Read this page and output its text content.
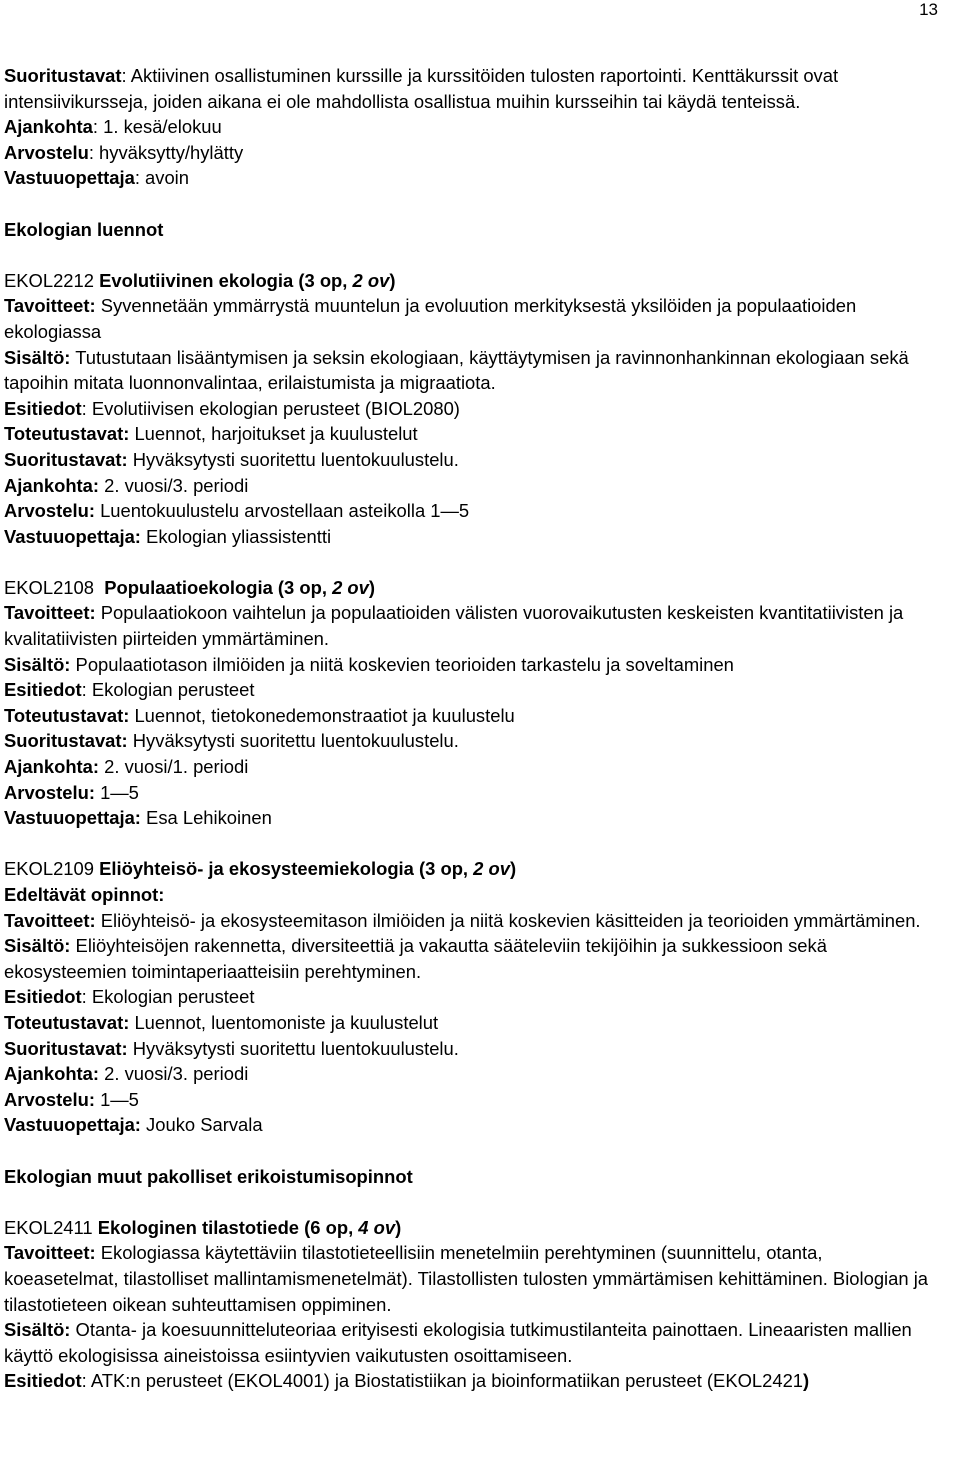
13

Suoritustavat: Aktiivinen osallistuminen kurssille ja kurssitöiden tulosten raportointi. Kenttäkurssit ovat intensiivikursseja, joiden aikana ei ole mahdollista osallistua muihin kursseihin tai käydä tenteissä.

Ajankohta: 1. kesä/elokuu

Arvostelu: hyväksytty/hylätty

Vastuuopettaja: avoin

Ekologian luennot

EKOL2212 Evolutiivinen ekologia (3 op, 2 ov)

Tavoitteet: Syvennetään ymmärrystä muuntelun ja evoluution merkityksestä yksilöiden ja populaatioiden ekologiassa

Sisältö: Tutustutaan lisääntymisen ja seksin ekologiaan, käyttäytymisen ja ravinnonhankinnan ekologiaan sekä tapoihin mitata luonnonvalintaa, erilaistumista ja migraatiota.

Esitiedot: Evolutiivisen ekologian perusteet (BIOL2080)

Toteutustavat: Luennot, harjoitukset ja kuulustelut

Suoritustavat: Hyväksytysti suoritettu luentokuulustelu.

Ajankohta: 2. vuosi/3. periodi

Arvostelu: Luentokuulustelu arvostellaan asteikolla 1—5

Vastuuopettaja: Ekologian yliassistentti

EKOL2108  Populaatioekologia (3 op, 2 ov)

Tavoitteet: Populaatiokoon vaihtelun ja populaatioiden välisten vuorovaikutusten keskeisten kvantitatiivisten ja kvalitatiivisten piirteiden ymmärtäminen.

Sisältö: Populaatiotason ilmiöiden ja niitä koskevien teorioiden tarkastelu ja soveltaminen

Esitiedot: Ekologian perusteet

Toteutustavat: Luennot, tietokonedemonstraatiot ja kuulustelu

Suoritustavat: Hyväksytysti suoritettu luentokuulustelu.

Ajankohta: 2. vuosi/1. periodi

Arvostelu: 1—5

Vastuuopettaja: Esa Lehikoinen

EKOL2109 Eliöyhteisö- ja ekosysteemiekologia (3 op, 2 ov)

Edeltävät opinnot:

Tavoitteet: Eliöyhteisö- ja ekosysteemitason ilmiöiden ja niitä koskevien käsitteiden ja teorioiden ymmärtäminen.

Sisältö: Eliöyhteisöjen rakennetta, diversiteettiä ja vakautta sääteleviin tekijöihin ja sukkessioon sekä ekosysteemien toimintaperiaatteisiin perehtyminen.

Esitiedot: Ekologian perusteet

Toteutustavat: Luennot, luentomoniste ja kuulustelut

Suoritustavat: Hyväksytysti suoritettu luentokuulustelu.

Ajankohta: 2. vuosi/3. periodi

Arvostelu: 1—5

Vastuuopettaja: Jouko Sarvala

Ekologian muut pakolliset erikoistumisopinnot

EKOL2411 Ekologinen tilastotiede (6 op, 4 ov)

Tavoitteet: Ekologiassa käytettäviin tilastotieteellisiin menetelmiin perehtyminen (suunnittelu, otanta, koeasetelmat, tilastolliset mallintamismenetelmät). Tilastollisten tulosten ymmärtämisen kehittäminen. Biologian ja tilastotieteen oikean suhteuttamisen oppiminen.

Sisältö: Otanta- ja koesuunnitteluteoriaa erityisesti ekologisia tutkimustilanteita painottaen. Lineaaristen mallien käyttö ekologisissa aineistoissa esiintyvien vaikutusten osoittamiseen.

Esitiedot: ATK:n perusteet (EKOL4001) ja Biostatistiikan ja bioinformatiikan perusteet (EKOL2421)
